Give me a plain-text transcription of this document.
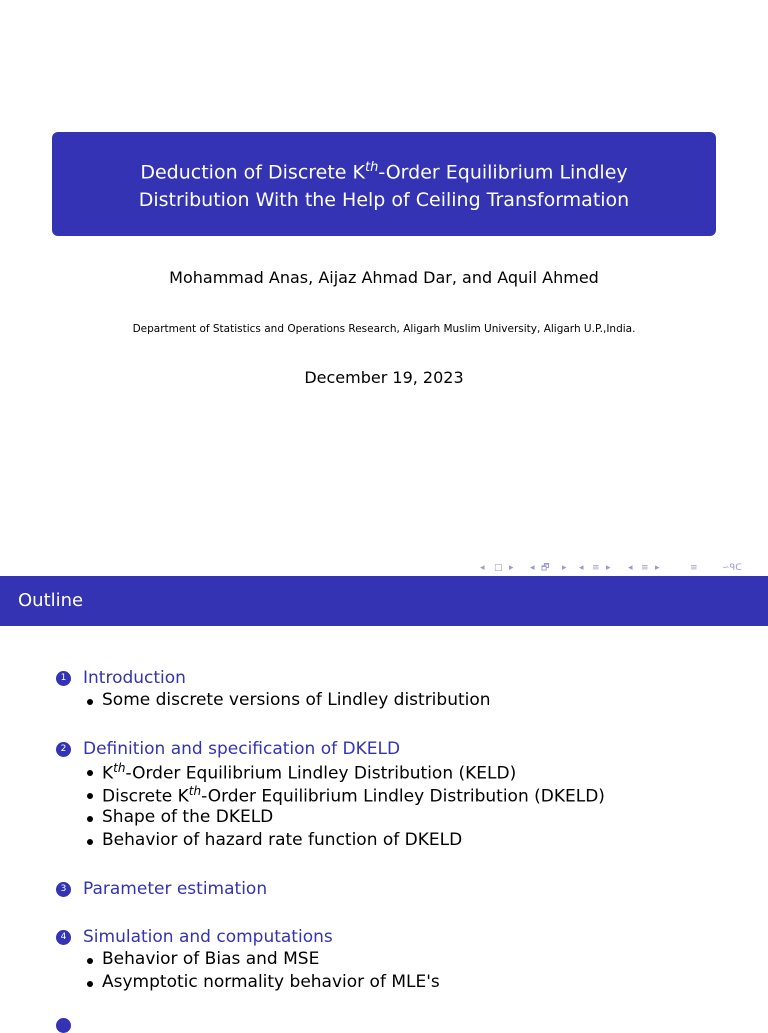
Deduction of Discrete $K^{th}$-Order Equilibrium Lindley
Distribution With the Help of Ceiling Transformation
Mohammad Anas, Aijaz Ahmad Dar, and Aquil Ahmed
Department of Statistics and Operations Research, Aligarh Muslim University, Aligarh U.P.,India.
December 19, 2023
◂ □ ▸ ◂ 🗗 ▸ ◂ ≡ ▸ ◂ ≡ ▸	≡	∽ᑫᑕ
Outline
1 Introduction
Some discrete versions of Lindley distribution
2 Definition and specification of DKELD
$K^{th}$-Order Equilibrium Lindley Distribution (KELD)
Discrete $K^{th}$-Order Equilibrium Lindley Distribution (DKELD)
Shape of the DKELD
Behavior of hazard rate function of DKELD
3 Parameter estimation
4 Simulation and computations
Behavior of Bias and MSE
Asymptotic normality behavior of MLE's
